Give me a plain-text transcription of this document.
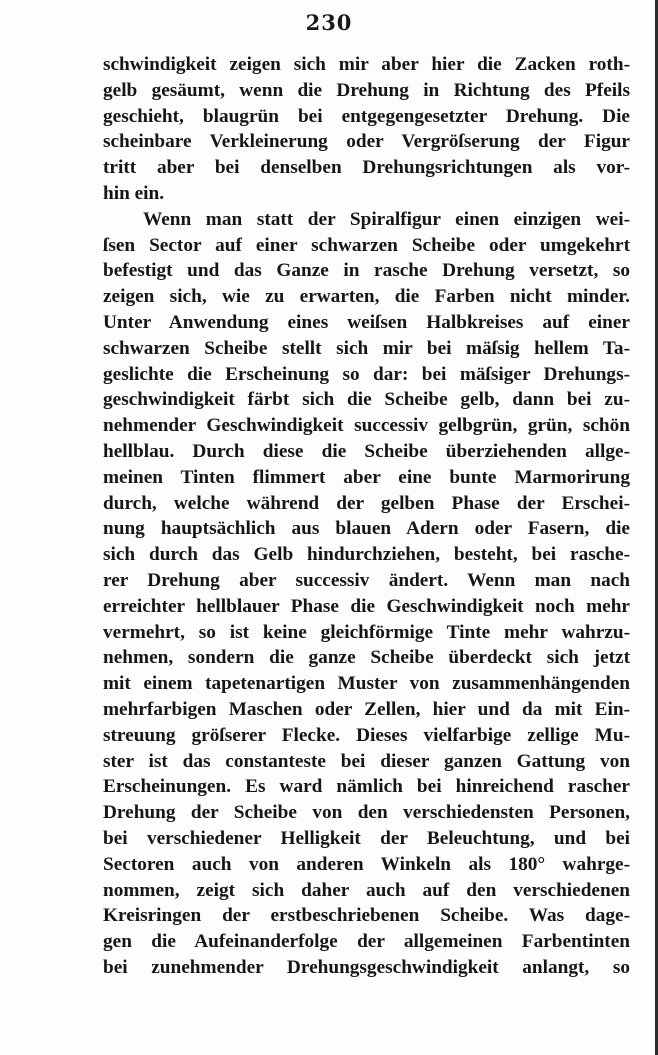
230
schwindigkeit zeigen sich mir aber hier die Zacken roth-
gelb gesäumt, wenn die Drehung in Richtung des Pfeils
geschieht, blaugrün bei entgegengesetzter Drehung. Die
scheinbare Verkleinerung oder Vergröſserung der Figur
tritt aber bei denselben Drehungsrichtungen als vor-
hin ein.
Wenn man statt der Spiralfigur einen einzigen wei-
ſsen Sector auf einer schwarzen Scheibe oder umgekehrt
befestigt und das Ganze in rasche Drehung versetzt, so
zeigen sich, wie zu erwarten, die Farben nicht minder.
Unter Anwendung eines weiſsen Halbkreises auf einer
schwarzen Scheibe stellt sich mir bei mäſsig hellem Ta-
geslichte die Erscheinung so dar: bei mäſsiger Drehungs-
geschwindigkeit färbt sich die Scheibe gelb, dann bei zu-
nehmender Geschwindigkeit successiv gelbgrün, grün, schön
hellblau. Durch diese die Scheibe überziehenden allge-
meinen Tinten flimmert aber eine bunte Marmorirung
durch, welche während der gelben Phase der Erschei-
nung hauptsächlich aus blauen Adern oder Fasern, die
sich durch das Gelb hindurchziehen, besteht, bei rasche-
rer Drehung aber successiv ändert. Wenn man nach
erreichter hellblauer Phase die Geschwindigkeit noch mehr
vermehrt, so ist keine gleichförmige Tinte mehr wahrzu-
nehmen, sondern die ganze Scheibe überdeckt sich jetzt
mit einem tapetenartigen Muster von zusammenhängenden
mehrfarbigen Maschen oder Zellen, hier und da mit Ein-
streuung gröſserer Flecke. Dieses vielfarbige zellige Mu-
ster ist das constanteste bei dieser ganzen Gattung von
Erscheinungen. Es ward nämlich bei hinreichend rascher
Drehung der Scheibe von den verschiedensten Personen,
bei verschiedener Helligkeit der Beleuchtung, und bei
Sectoren auch von anderen Winkeln als 180° wahrge-
nommen, zeigt sich daher auch auf den verschiedenen
Kreisringen der erstbeschriebenen Scheibe. Was dage-
gen die Aufeinanderfolge der allgemeinen Farbentinten
bei zunehmender Drehungsgeschwindigkeit anlangt, so
